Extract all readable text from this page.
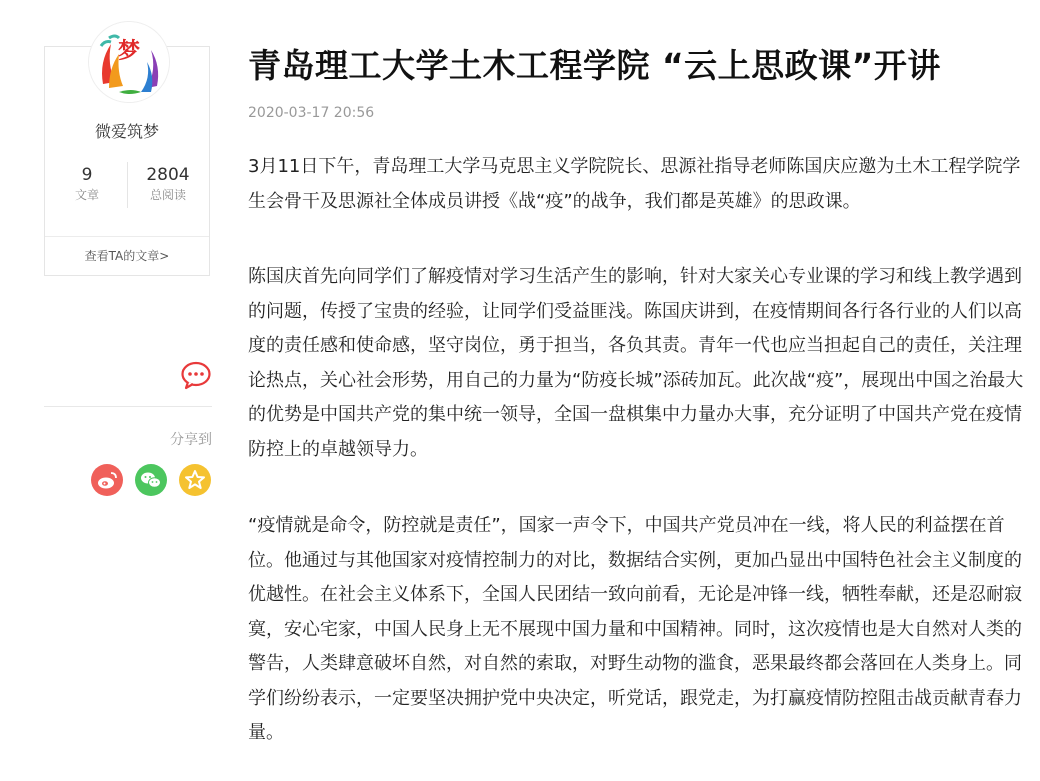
梦
微爱筑梦
9
文章
2804
总阅读
查看TA的文章>
分享到
青岛理工大学土木工程学院 “云上思政课”开讲
2020-03-17 20:56

3月11日下午，青岛理工大学马克思主义学院院长、思源社指导老师陈国庆应邀为土木工程学院学生会骨干及思源社全体成员讲授《战“疫”的战争，我们都是英雄》的思政课。

陈国庆首先向同学们了解疫情对学习生活产生的影响，针对大家关心专业课的学习和线上教学遇到的问题，传授了宝贵的经验，让同学们受益匪浅。陈国庆讲到，在疫情期间各行各行业的人们以高度的责任感和使命感，坚守岗位，勇于担当，各负其责。青年一代也应当担起自己的责任，关注理论热点，关心社会形势，用自己的力量为“防疫长城”添砖加瓦。此次战“疫”，展现出中国之治最大的优势是中国共产党的集中统一领导，全国一盘棋集中力量办大事，充分证明了中国共产党在疫情防控上的卓越领导力。

“疫情就是命令，防控就是责任”，国家一声令下，中国共产党员冲在一线，将人民的利益摆在首位。他通过与其他国家对疫情控制力的对比，数据结合实例，更加凸显出中国特色社会主义制度的优越性。在社会主义体系下，全国人民团结一致向前看，无论是冲锋一线，牺牲奉献，还是忍耐寂寞，安心宅家，中国人民身上无不展现中国力量和中国精神。同时，这次疫情也是大自然对人类的警告，人类肆意破坏自然，对自然的索取，对野生动物的滥食，恶果最终都会落回在人类身上。同学们纷纷表示，一定要坚决拥护党中央决定，听党话，跟党走，为打赢疫情防控阻击战贡献青春力量。
